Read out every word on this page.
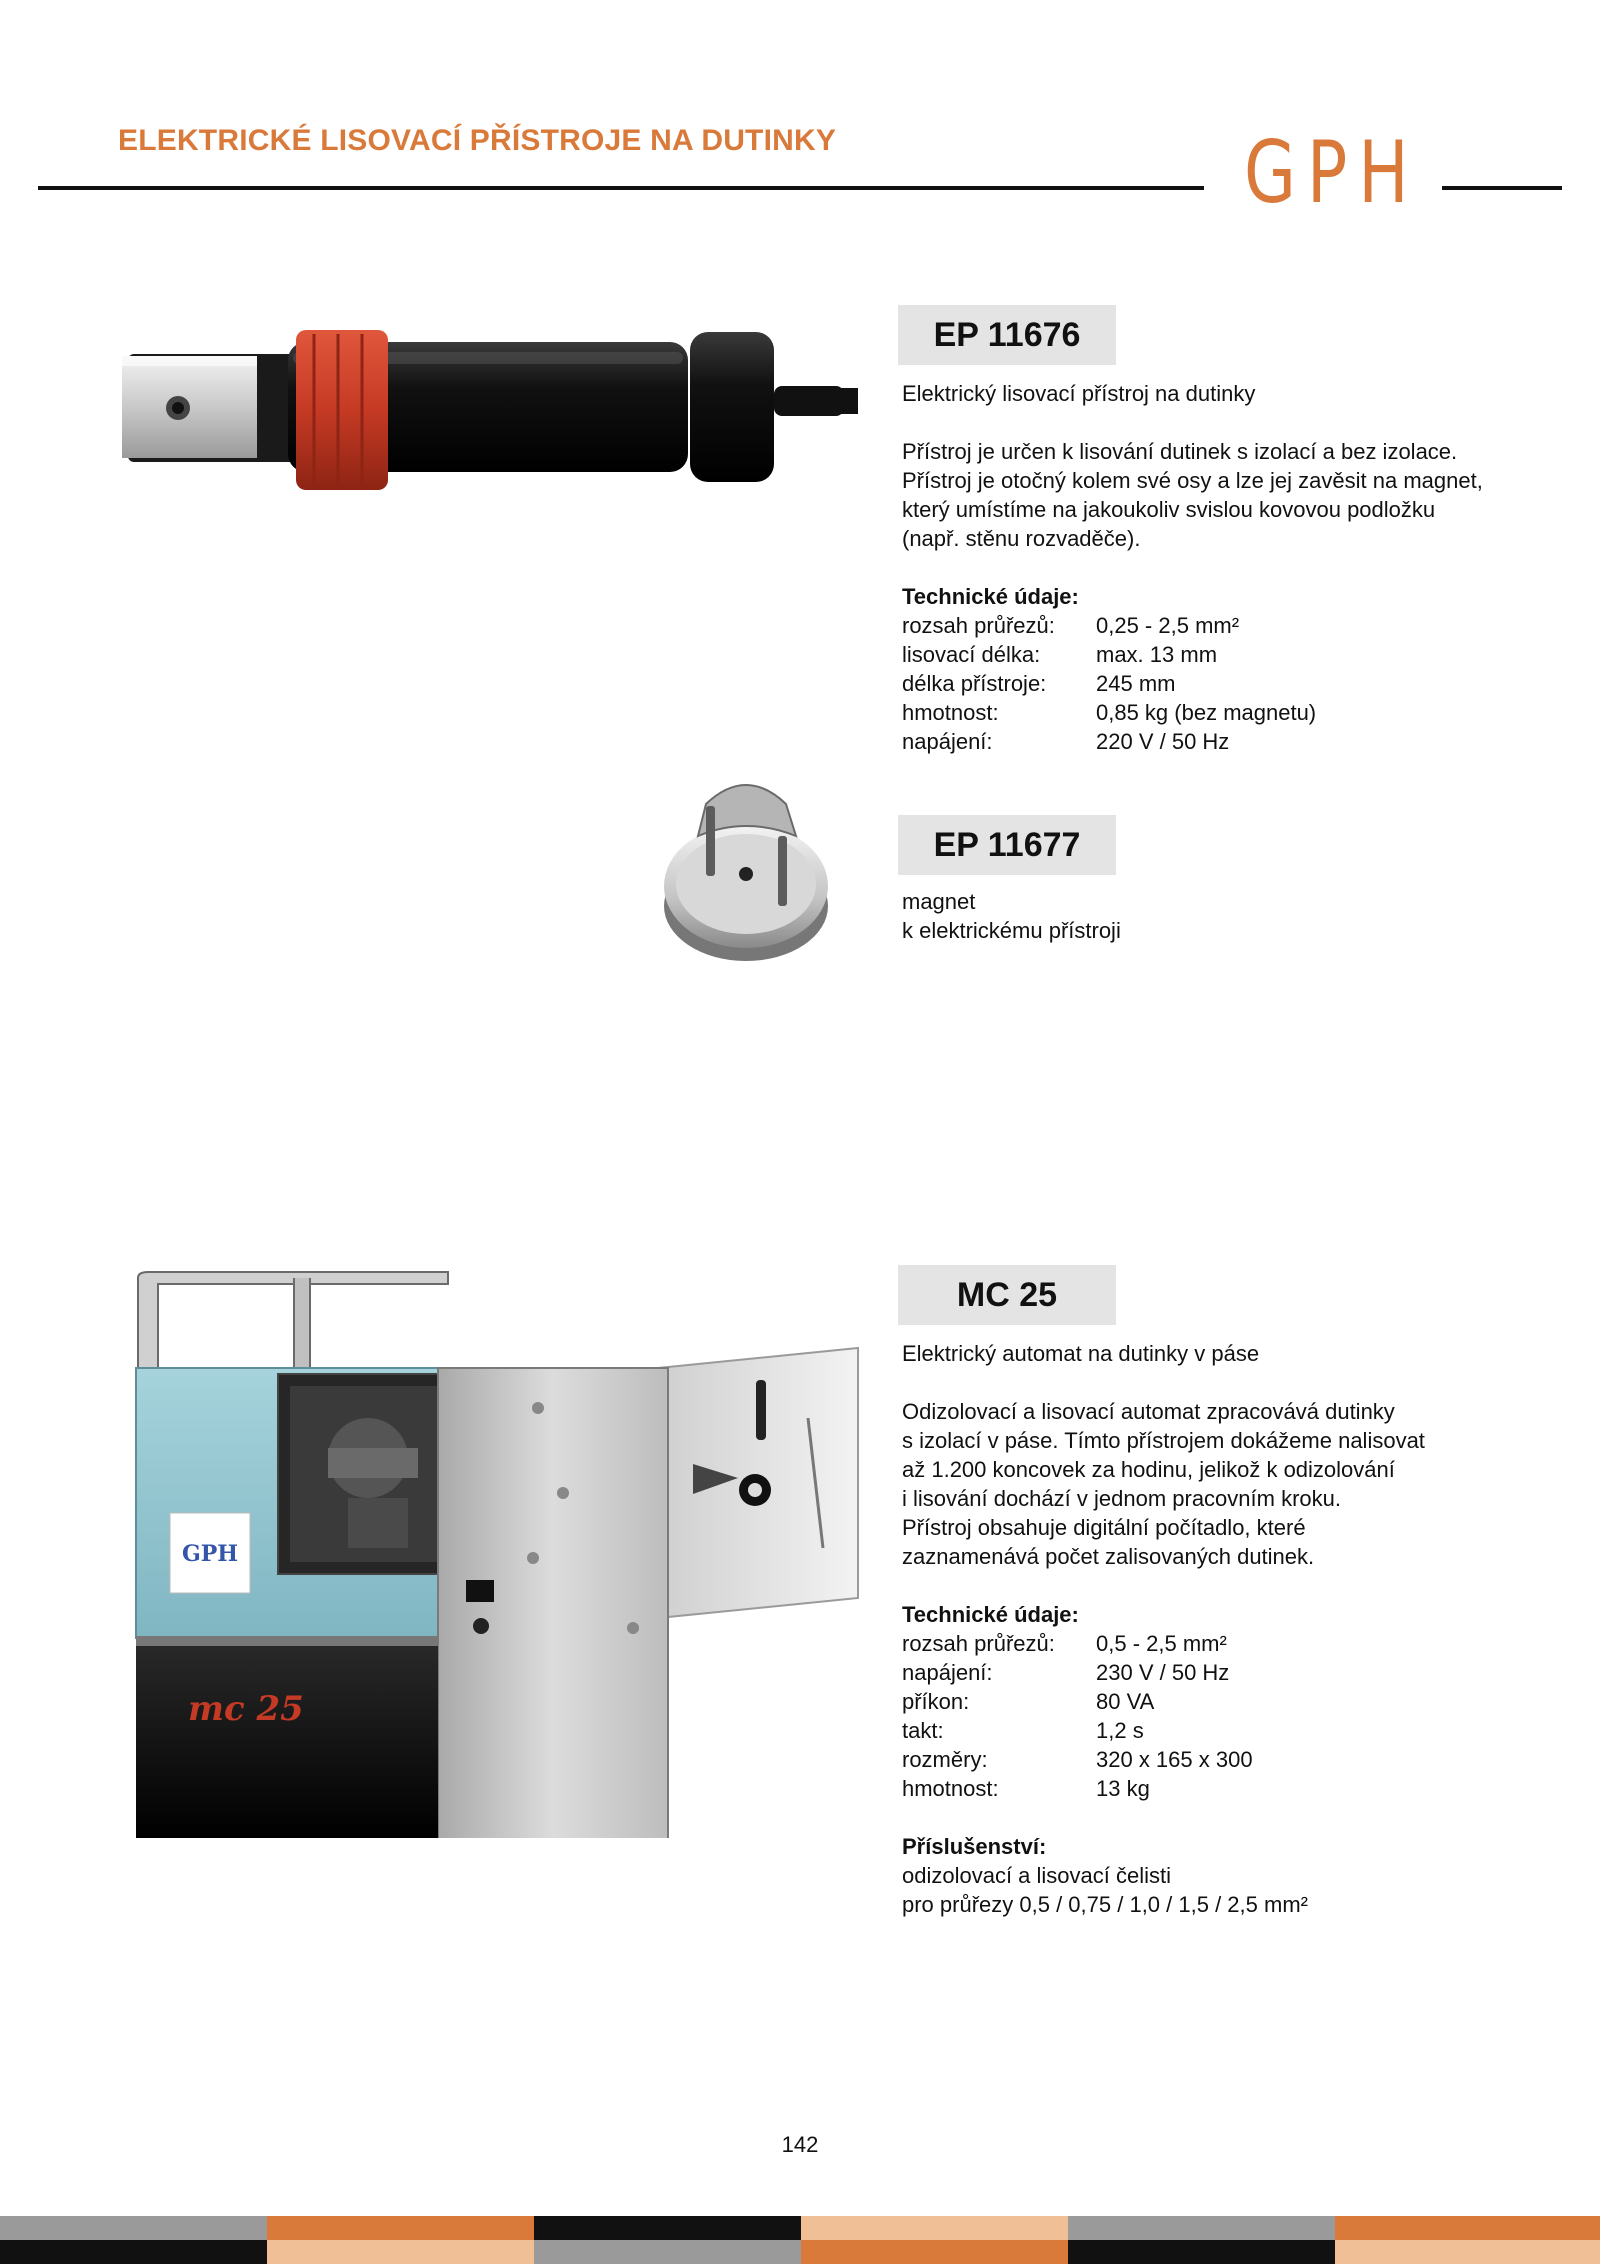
ELEKTRICKÉ LISOVACÍ PŘÍSTROJE NA DUTINKY	GPH
EP 11676

Elektrický lisovací přístroj na dutinky

Přístroj je určen k lisování dutinek s izolací a bez izolace.

Přístroj je otočný kolem své osy a lze jej zavěsit na magnet,

který umístíme na jakoukoliv svislou kovovou podložku

(např. stěnu rozvaděče).

Technické údaje:

rozsah průřezů:	0,25 - 2,5 mm²
lisovací délka:	max. 13 mm
délka přístroje:	245 mm
hmotnost:	0,85 kg (bez magnetu)
napájení:	220 V / 50 Hz
EP 11677

magnet

k elektrickému přístroji

GPH
mc 25
MC 25

Elektrický automat na dutinky v páse

Odizolovací a lisovací automat zpracovává dutinky

s izolací v páse. Tímto přístrojem dokážeme nalisovat

až 1.200 koncovek za hodinu, jelikož k odizolování

i lisování dochází v jednom pracovním kroku.

Přístroj obsahuje digitální počítadlo, které

zaznamenává počet zalisovaných dutinek.

Technické údaje:

rozsah průřezů:	0,5 - 2,5 mm²
napájení:	230 V / 50 Hz
příkon:	80 VA
takt:	1,2 s
rozměry:	320 x 165 x 300
hmotnost:	13 kg

Příslušenství:

odizolovací a lisovací čelisti

pro průřezy 0,5 / 0,75 / 1,0 / 1,5 / 2,5 mm²

142
